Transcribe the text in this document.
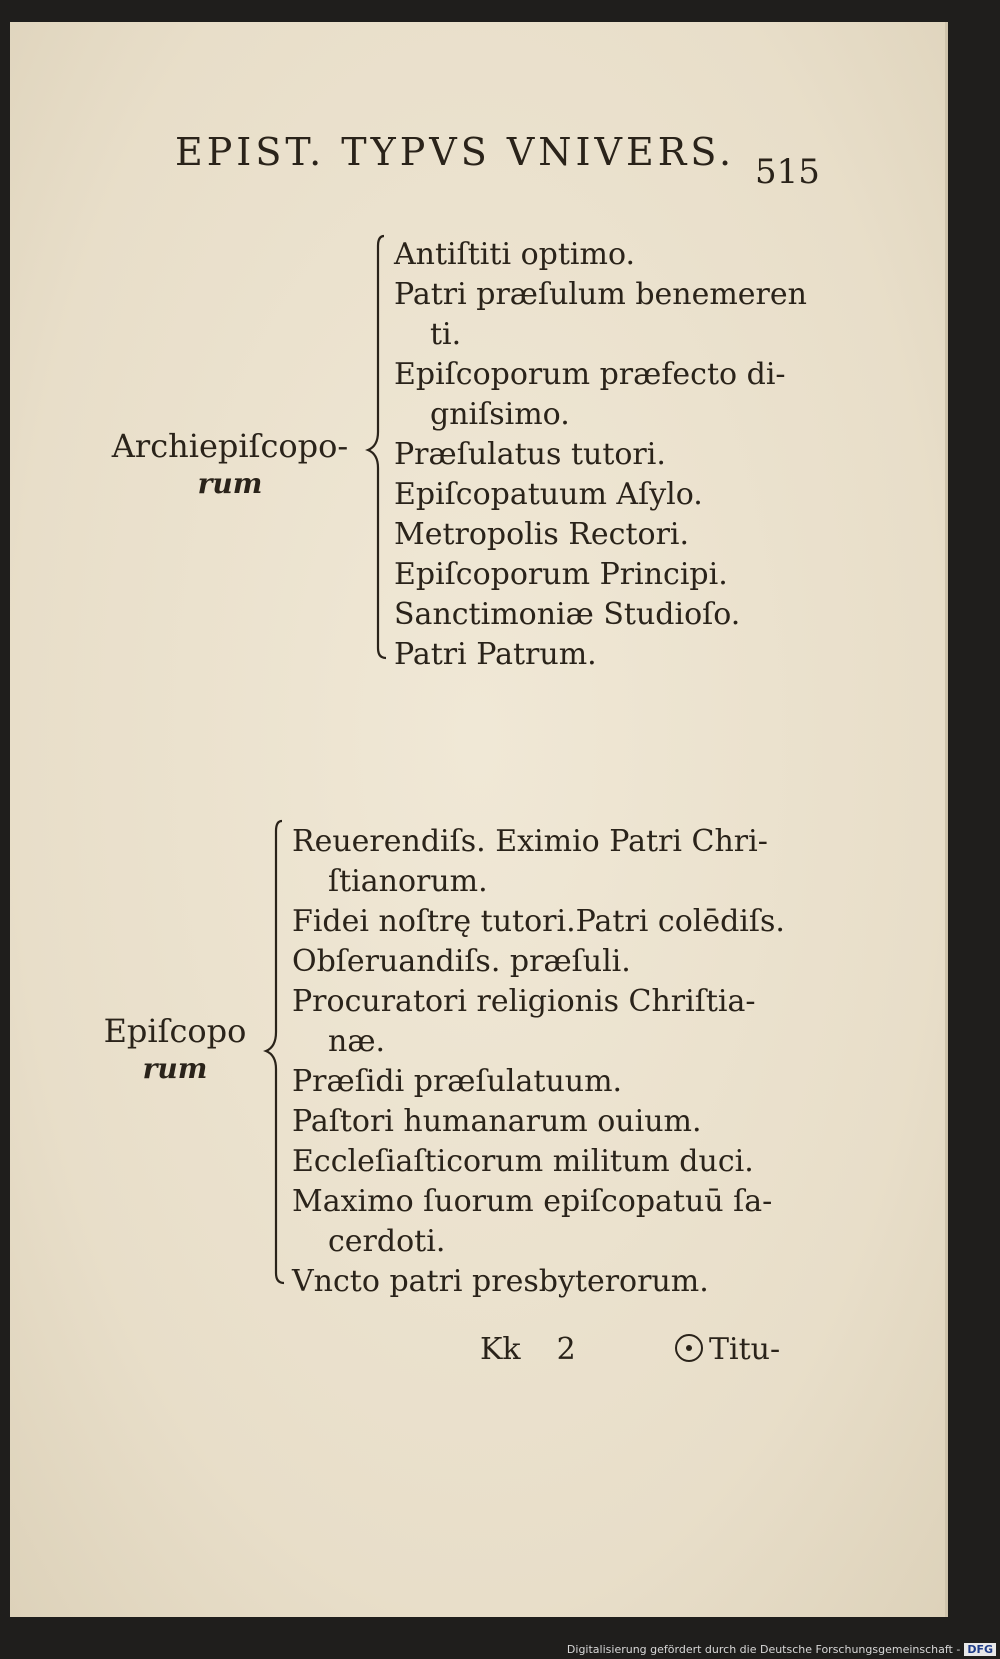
EPIST. TYPVS VNIVERS. 515
Archiepiſcopo-
rum
Antiſtiti optimo.
Patri præſulum benemeren
ti.
Epiſcoporum præfecto di-
gniſsimo.
Præſulatus tutori.
Epiſcopatuum Aſylo.
Metropolis Rectori.
Epiſcoporum Principi.
Sanctimoniæ Studioſo.
Patri Patrum.
Epiſcopo
rum
Reuerendiſs. Eximio Patri Chri-
ſtianorum.
Fidei noſtrę tutori.Patri colēdiſs.
Obſeruandiſs. præſuli.
Procuratori religionis Chriſtia-
næ.
Præſidi præſulatuum.
Paſtori humanarum ouium.
Eccleſiaſticorum militum duci.
Maximo ſuorum epiſcopatuū ſa-
cerdoti.
Vncto patri presbyterorum.
Kk 2	Titu-
Digitalisierung gefördert durch die Deutsche Forschungsgemeinschaft - DFG
